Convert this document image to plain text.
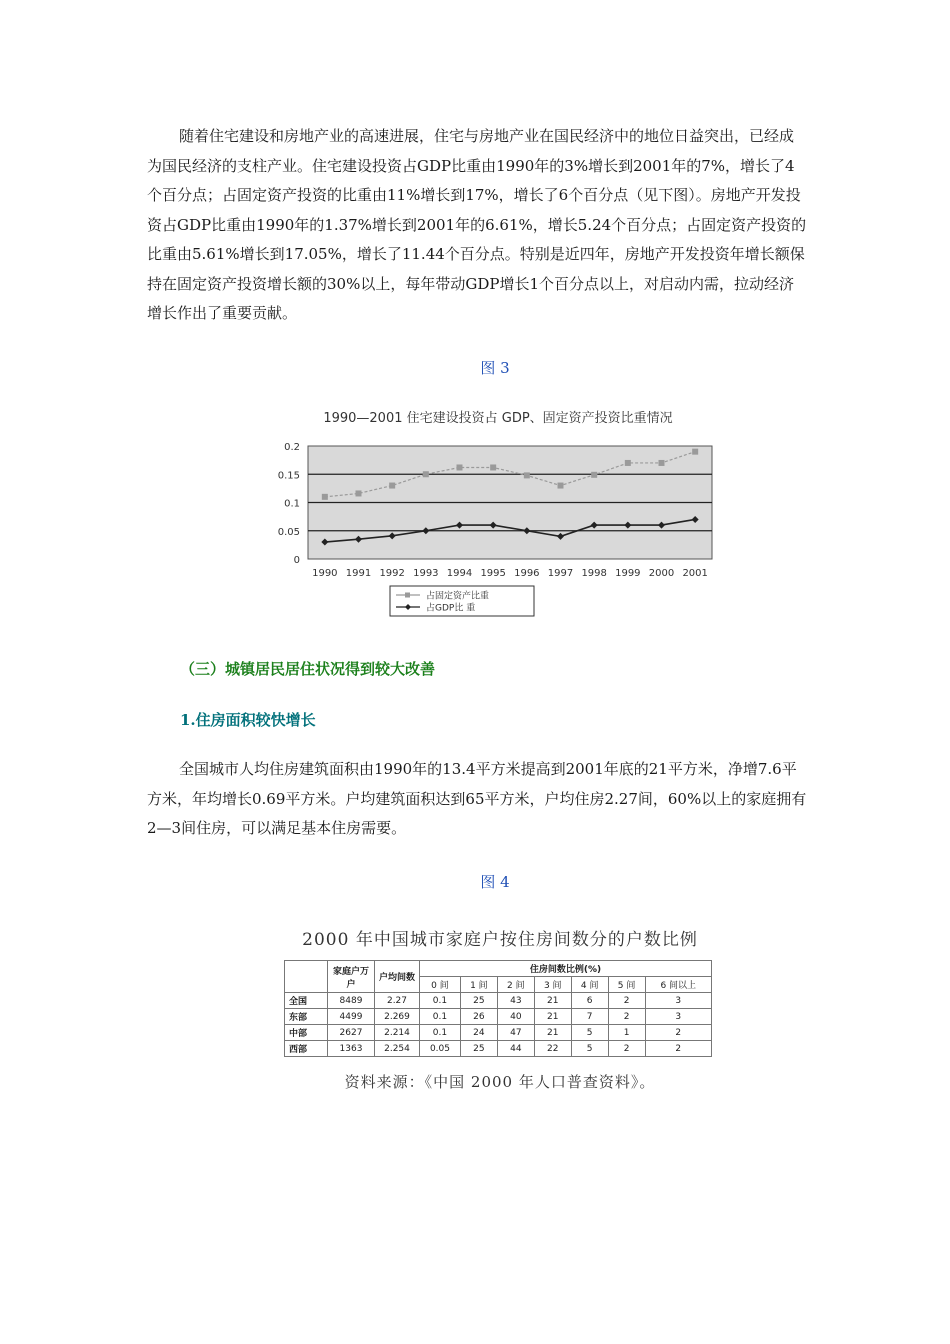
随着住宅建设和房地产业的高速进展，住宅与房地产业在国民经济中的地位日益突出，已经成为国民经济的支柱产业。住宅建设投资占GDP比重由1990年的3%增长到2001年的7%，增长了4个百分点；占固定资产投资的比重由11%增长到17%，增长了6个百分点（见下图）。房地产开发投资占GDP比重由1990年的1.37%增长到2001年的6.61%，增长5.24个百分点；占固定资产投资的比重由5.61%增长到17.05%，增长了11.44个百分点。特别是近四年，房地产开发投资年增长额保持在固定资产投资增长额的30%以上，每年带动GDP增长1个百分点以上，对启动内需，拉动经济增长作出了重要贡献。

图 3

1990—2001 住宅建设投资占 GDP、固定资产投资比重情况
0
0.05
0.1
0.15
0.2
1990 1991 1992 1993 1994 1995 1996 1997 1998 1999 2000 2001
占固定资产比重
占GDP比 重

（三）城镇居民居住状况得到较大改善

1.住房面积较快增长

全国城市人均住房建筑面积由1990年的13.4平方米提高到2001年底的21平方米，净增7.6平方米，年均增长0.69平方米。户均建筑面积达到65平方米，户均住房2.27间，60%以上的家庭拥有2—3间住房，可以满足基本住房需要。

图 4

2000 年中国城市家庭户按住房间数分的户数比例

	家庭户万户	户均间数	住房间数比例(%)						
			0 间	1 间	2 间	3 间	4 间	5 间	6 间以上
全国	8489	2.27	0.1	25	43	21	6	2	3
东部	4499	2.269	0.1	26	40	21	7	2	3
中部	2627	2.214	0.1	24	47	21	5	1	2
西部	1363	2.254	0.05	25	44	22	5	2	2
资料来源：《中国 2000 年人口普查资料》。
